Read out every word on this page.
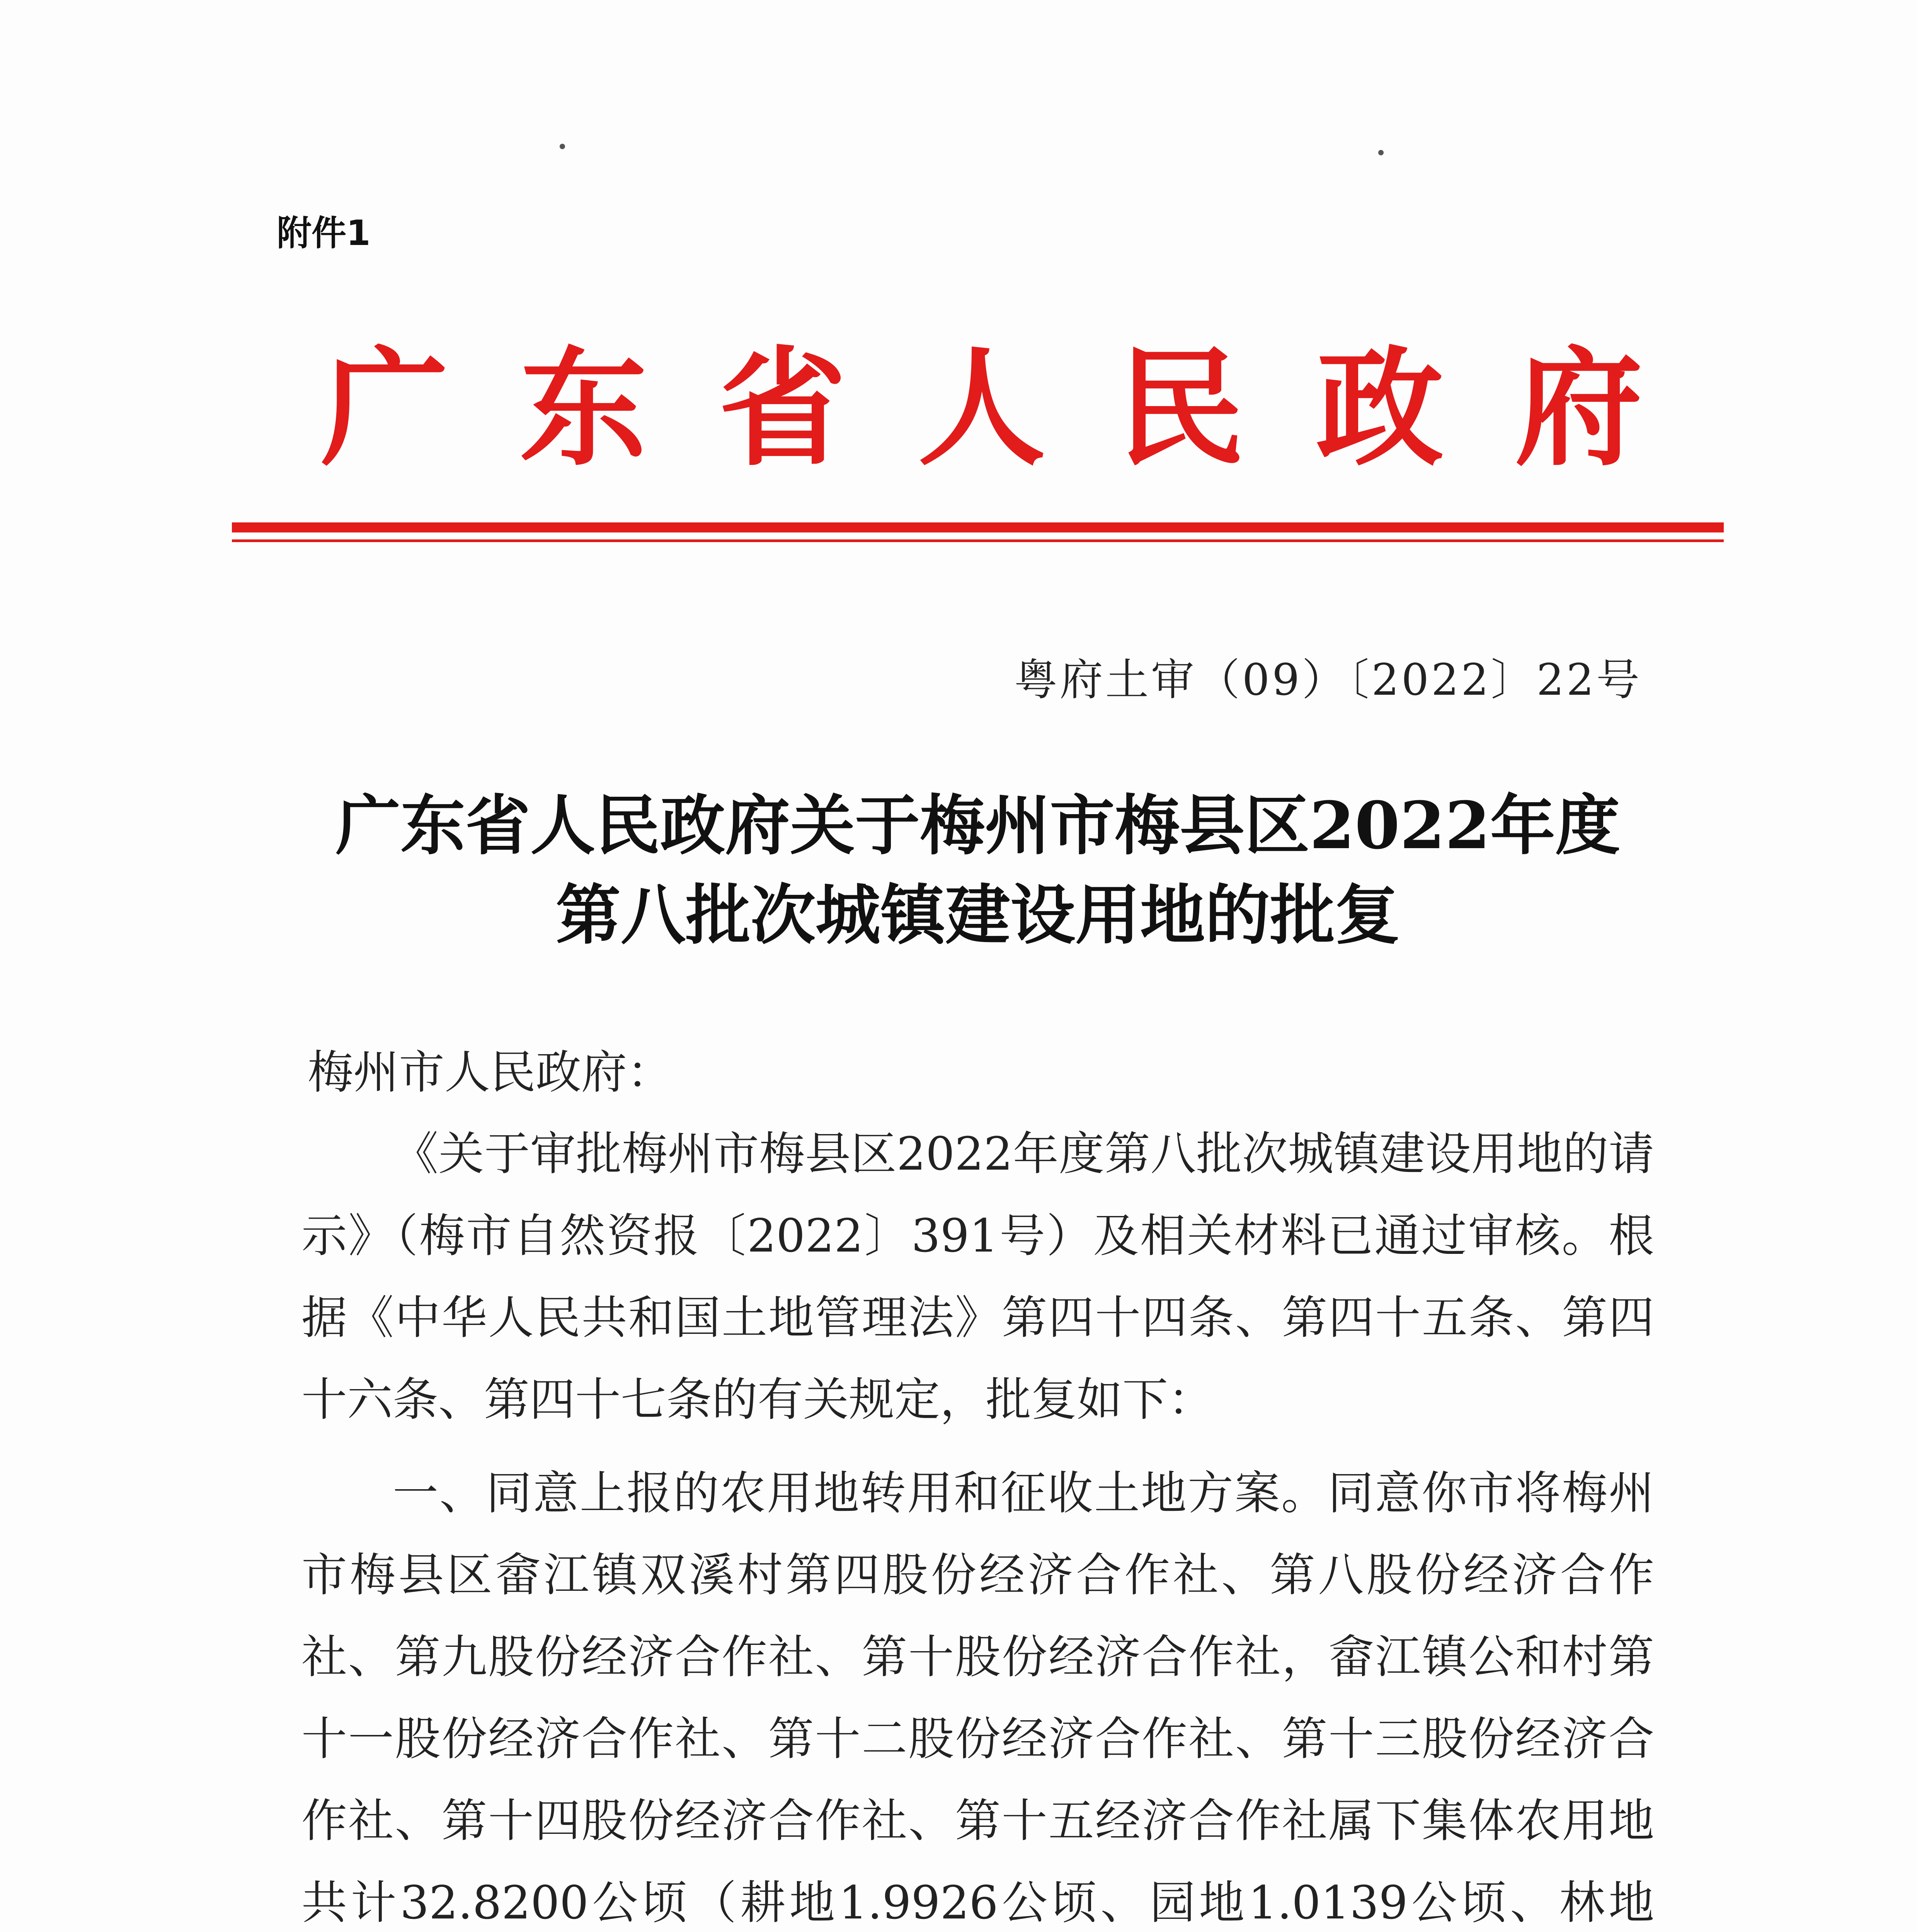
附件1
广 东 省 人 民 政 府
粤府土审（09）〔2022〕22号
广东省人民政府关于梅州市梅县区2022年度
第八批次城镇建设用地的批复
梅州市人民政府：

《关于审批梅州市梅县区2022年度第八批次城镇建设用地的请示》（梅市自然资报〔2022〕391号）及相关材料已通过审核。根据《中华人民共和国土地管理法》第四十四条、第四十五条、第四十六条、第四十七条的有关规定，批复如下：

一、同意上报的农用地转用和征收土地方案。同意你市将梅州市梅县区畲江镇双溪村第四股份经济合作社、第八股份经济合作社、第九股份经济合作社、第十股份经济合作社，畲江镇公和村第十一股份经济合作社、第十二股份经济合作社、第十三股份经济合作社、第十四股份经济合作社、第十五经济合作社属下集体农用地共计32.8200公顷（耕地1.9926公顷、园地1.0139公顷、林地
